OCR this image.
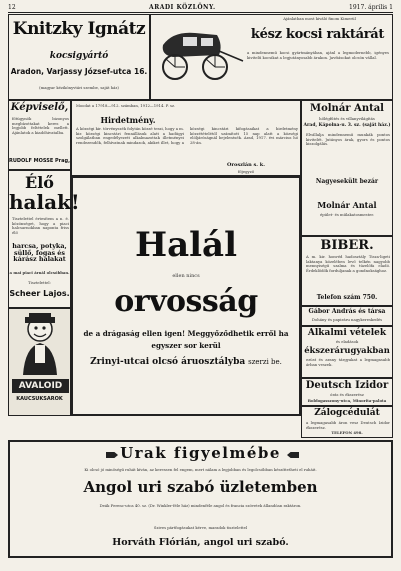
12	ARADI KÖZLÖNY.	1917. április 1
Knitzky Ignátz
kocsigyártó
Aradon, Varjassy József-utca 16.
(magyar kézikönyvtári szembe, saját ház)
Ajánlatban most kiváló finom Kimerül
kész kocsi raktárát
a mindennemű kocsi gyártmányában, ajánl a legmodernebb, igényes kivitelű kocsikat a legjutányosabb árakon. Javításokat olcsón vállal.
Képviselő,
főtügynök bizonyos megbízottakat keres a legjobb feltételek mellett. Ajánlatok a kiadóhivatalba.
RUDOLF MOSSE Prag,
Élő
halak!
Tisztelettel értesítem a n. é. közönséget, hogy a piaci halcsarnokban naponta friss élő
harcsa, potyka, süllő, fogas és kárász halakat
a mai piaci árnál olcsóbban.
Tisztelettel:
Scheer Lajos.
AVALOID
KAUCSUKSAROK
Moodat a 17918—912. számban, 1912—1914. P. sz.
Hirdetmény.
A községi kir. törvényszék folytán közzé teszi, hogy a m. kir. községi kincstári fennállásuk alatt a hadügyi szolgálatban engedélyezett alkalmazottak illetményei rendezendők, felhívatnak mindazok, akiket illet, hogy a községi kincstári kifogásaikat a hirdetmény közzétételétől számított 15 nap alatt a községi elöljáróságnál bejelentsék. Arad, 1917. évi március hó 28-án.
Oroszlán s. k.
főjegyző
Halál
ellen nincs
orvosság
de a drágaság ellen igen! Meggyőződhetik erről ha egyszer sor kerül
Zrinyi-utcai olcsó áruosztályba szerzi be.
Molnár Antal
hőlégfűtés és villanyvilágítás
Arad, Kápolna-u. 3. sz. (saját ház.)
Elvállalja mindennemű munkák pontos kivitelét. Jutányos árak, gyors és pontos kiszolgálás.
Nagyesekült bezár
Molnár Antal
épület- és műlakatosmester.
BIBER.
A m. kir. honvéd hadosztály Tisza-ligeti laktanya közelében levő telkén nagyobb mennyiségű szalma és tüzelőfa eladó. Érdeklődők forduljanak a gondnoksághoz.
Telefon szám 750.
Gábor András és társa
Dohány és papiráru nagykereskedés
Alkalmi vételek
és eladások
ékszerárugyakban
ezüst és arany tárgyakat a legmagasabb árban veszek.
Deutsch Izidor
órás és ékszerész
Boldogasszony-utca, Minorita-palota
Zálogcédulát
a legmagasabb áron vesz Deutsch Izidor ékszerész.
TELEFON 498.
Urak figyelmébe
Ki olcsó jó minőségű ruhát kíván, az keressen fel engem, mert nálam a legjobban és legolcsóbban készíttetheti el ruháit.
Angol uri szabó üzletemben
Deák Ferenc-utca 40. sz. (Dr. Winkler-féle ház) mindenféle angol és francia szövetek állandóan raktáron.
Szives pártfogásukat kérve, maradok tisztelettel
Horváth Flórián, angol uri szabó.
